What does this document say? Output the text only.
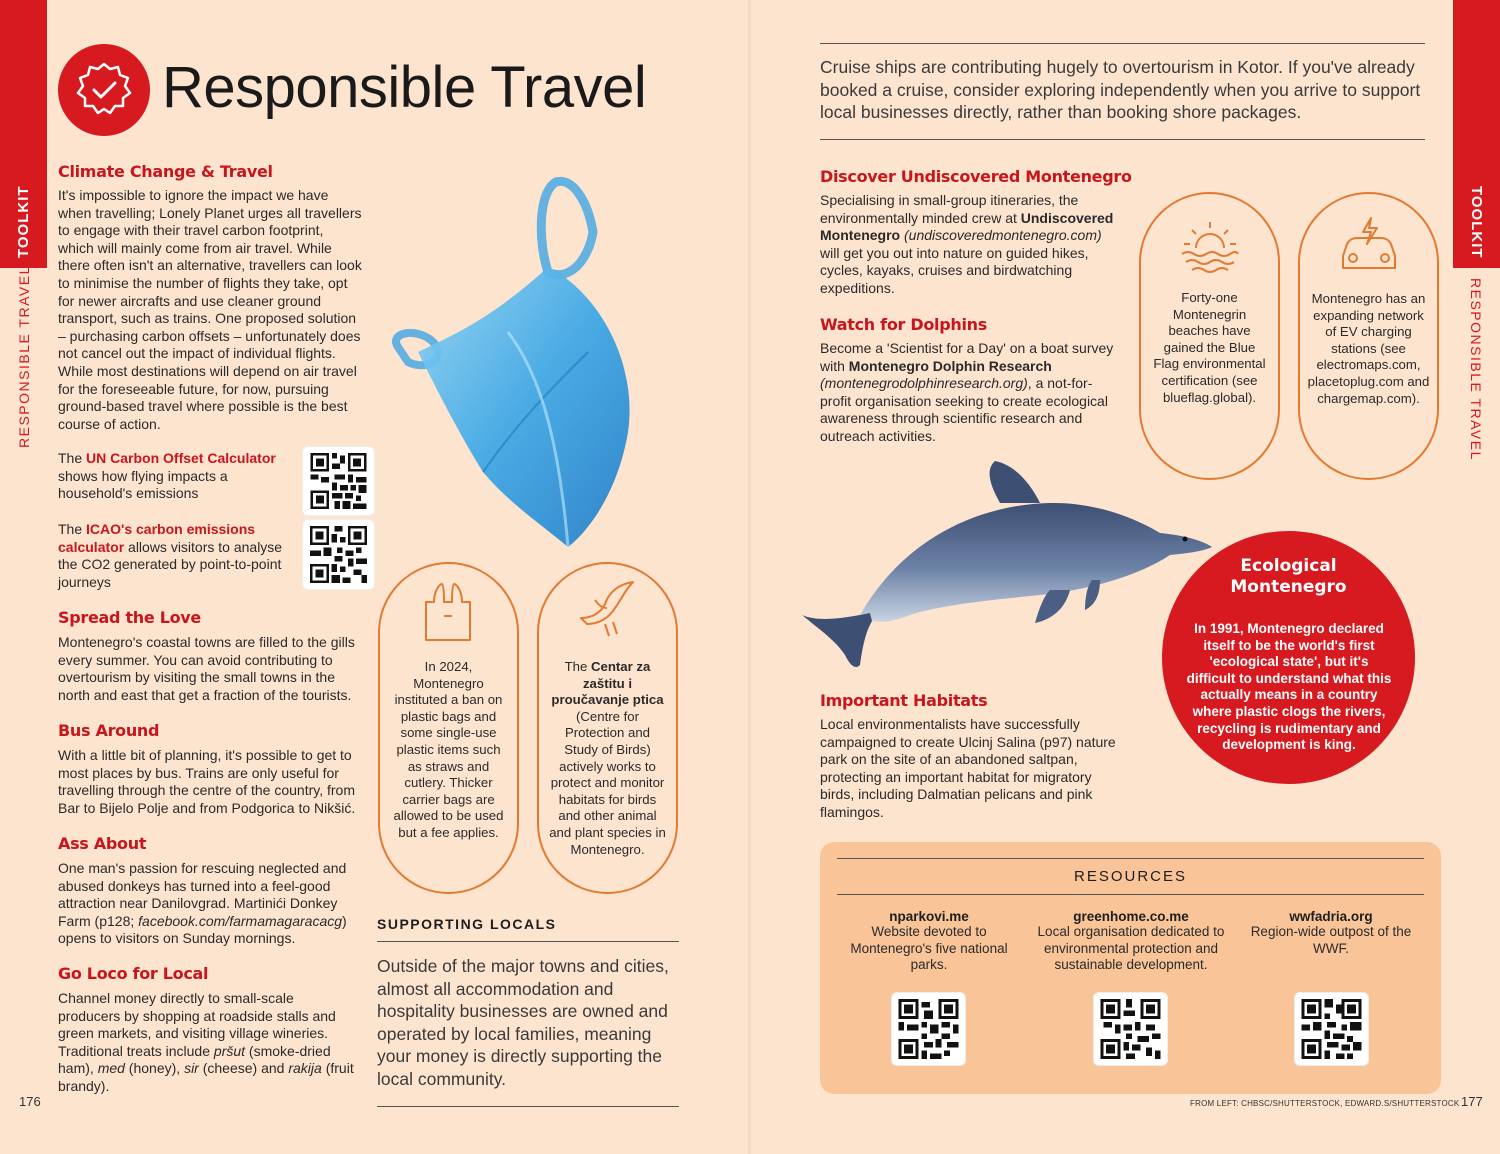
TOOLKIT
RESPONSIBLE TRAVEL
TOOLKIT
RESPONSIBLE TRAVEL
Responsible Travel
Climate Change & Travel
It's impossible to ignore the impact we have when travelling; Lonely Planet urges all travellers to engage with their travel carbon footprint, which will mainly come from air travel. While there often isn't an alternative, travellers can look to minimise the number of flights they take, opt for newer aircrafts and use cleaner ground transport, such as trains. One proposed solution – purchasing carbon offsets – unfortunately does not cancel out the impact of individual flights. While most destinations will depend on air travel for the foreseeable future, for now, pursuing ground-based travel where possible is the best course of action.
The UN Carbon Offset Calculator shows how flying impacts a household's emissions
The ICAO's carbon emissions calculator allows visitors to analyse the CO2 generated by point-to-point journeys
Spread the Love
Montenegro's coastal towns are filled to the gills every summer. You can avoid contributing to overtourism by visiting the small towns in the north and east that get a fraction of the tourists.
Bus Around
With a little bit of planning, it's possible to get to most places by bus. Trains are only useful for travelling through the centre of the country, from Bar to Bijelo Polje and from Podgorica to Nikšić.
Ass About
One man's passion for rescuing neglected and abused donkeys has turned into a feel-good attraction near Danilovgrad. Martinići Donkey Farm (p128; facebook.com/farmamagaracacg) opens to visitors on Sunday mornings.
Go Loco for Local
Channel money directly to small-scale producers by shopping at roadside stalls and green markets, and visiting village wineries. Traditional treats include pršut (smoke-dried ham), med (honey), sir (cheese) and rakija (fruit brandy).
In 2024, Montenegro instituted a ban on plastic bags and some single-use plastic items such as straws and cutlery. Thicker carrier bags are allowed to be used but a fee applies.
The Centar za zaštitu i proučavanje ptica (Centre for Protection and Study of Birds) actively works to protect and monitor habitats for birds and other animal and plant species in Montenegro.
SUPPORTING LOCALS
Outside of the major towns and cities, almost all accommodation and hospitality businesses are owned and operated by local families, meaning your money is directly supporting the local community.
176
Cruise ships are contributing hugely to overtourism in Kotor. If you've already booked a cruise, consider exploring independently when you arrive to support local businesses directly, rather than booking shore packages.
Discover Undiscovered Montenegro
Specialising in small-group itineraries, the environmentally minded crew at Undiscovered Montenegro (undiscoveredmontenegro.com) will get you out into nature on guided hikes, cycles, kayaks, cruises and birdwatching expeditions.
Watch for Dolphins
Become a 'Scientist for a Day' on a boat survey with Montenegro Dolphin Research (montenegrodolphinresearch.org), a not-for-profit organisation seeking to create ecological awareness through scientific research and outreach activities.
Forty-one Montenegrin beaches have gained the Blue Flag environmental certification (see blueflag.global).
Montenegro has an expanding network of EV charging stations (see electromaps.com, placetoplug.com and chargemap.com).
Ecological Montenegro
In 1991, Montenegro declared itself to be the world's first 'ecological state', but it's difficult to understand what this actually means in a country where plastic clogs the rivers, recycling is rudimentary and development is king.
Important Habitats
Local environmentalists have successfully campaigned to create Ulcinj Salina (p97) nature park on the site of an abandoned saltpan, protecting an important habitat for migratory birds, including Dalmatian pelicans and pink flamingos.
RESOURCES
nparkovi.me
Website devoted to Montenegro's five national parks.
greenhome.co.me
Local organisation dedicated to environmental protection and sustainable development.
wwfadria.org
Region-wide outpost of the WWF.
FROM LEFT: CHBSC/SHUTTERSTOCK, EDWARD.S/SHUTTERSTOCK 177
